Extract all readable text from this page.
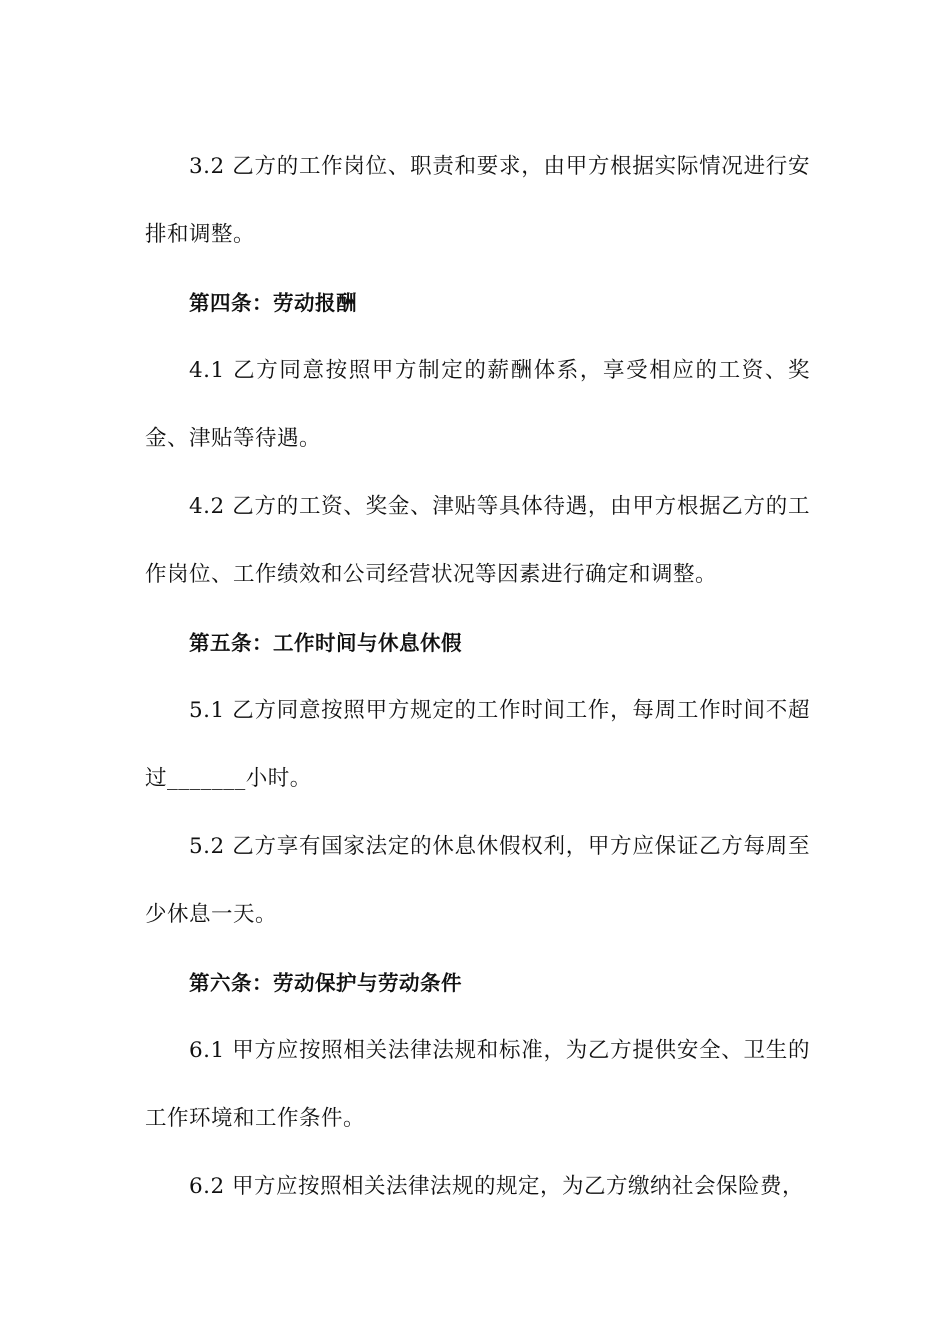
3.2 乙方的工作岗位、职责和要求，由甲方根据实际情况进行安排和调整。

第四条：劳动报酬

4.1 乙方同意按照甲方制定的薪酬体系，享受相应的工资、奖金、津贴等待遇。

4.2 乙方的工资、奖金、津贴等具体待遇，由甲方根据乙方的工作岗位、工作绩效和公司经营状况等因素进行确定和调整。

第五条：工作时间与休息休假

5.1 乙方同意按照甲方规定的工作时间工作，每周工作时间不超过_______小时。

5.2 乙方享有国家法定的休息休假权利，甲方应保证乙方每周至少休息一天。

第六条：劳动保护与劳动条件

6.1 甲方应按照相关法律法规和标准，为乙方提供安全、卫生的工作环境和工作条件。

6.2 甲方应按照相关法律法规的规定，为乙方缴纳社会保险费，
